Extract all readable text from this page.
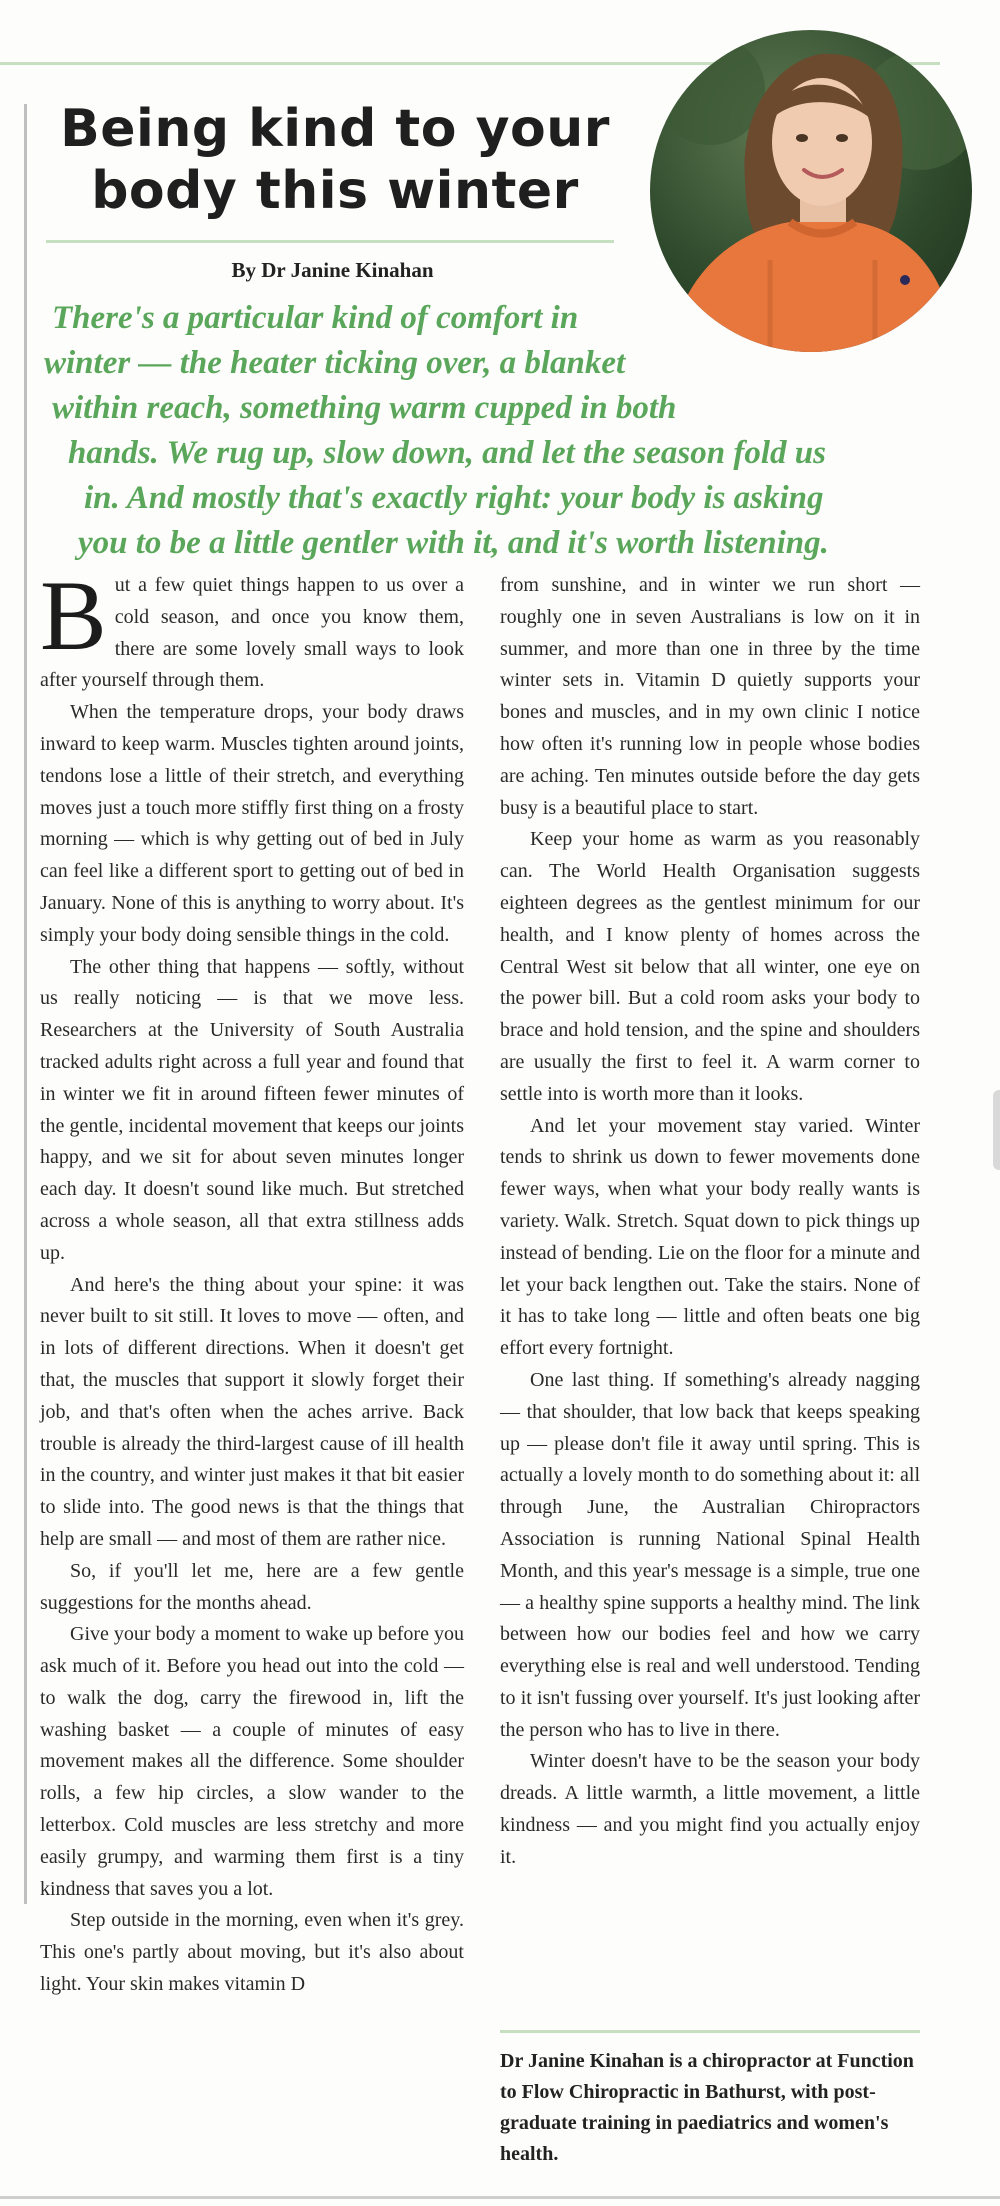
Being kind to your body this winter
By Dr Janine Kinahan
There's a particular kind of comfort in
winter — the heater ticking over, a blanket
within reach, something warm cupped in both
hands. We rug up, slow down, and let the season fold us
in. And mostly that's exactly right: your body is asking
you to be a little gentler with it, and it's worth listening.

But a few quiet things happen to us over a cold season, and once you know them, there are some lovely small ways to look after yourself through them.

When the temperature drops, your body draws inward to keep warm. Muscles tighten around joints, tendons lose a little of their stretch, and everything moves just a touch more stiffly first thing on a frosty morning — which is why getting out of bed in July can feel like a different sport to getting out of bed in January. None of this is anything to worry about. It's simply your body doing sensible things in the cold.

The other thing that happens — softly, without us really noticing — is that we move less. Researchers at the University of South Australia tracked adults right across a full year and found that in winter we fit in around fifteen fewer minutes of the gentle, incidental movement that keeps our joints happy, and we sit for about seven minutes longer each day. It doesn't sound like much. But stretched across a whole season, all that extra stillness adds up.

And here's the thing about your spine: it was never built to sit still. It loves to move — often, and in lots of different directions. When it doesn't get that, the muscles that support it slowly forget their job, and that's often when the aches arrive. Back trouble is already the third-largest cause of ill health in the country, and winter just makes it that bit easier to slide into. The good news is that the things that help are small — and most of them are rather nice.

So, if you'll let me, here are a few gentle suggestions for the months ahead.

Give your body a moment to wake up before you ask much of it. Before you head out into the cold — to walk the dog, carry the firewood in, lift the washing basket — a couple of minutes of easy movement makes all the difference. Some shoulder rolls, a few hip circles, a slow wander to the letterbox. Cold muscles are less stretchy and more easily grumpy, and warming them first is a tiny kindness that saves you a lot.

Step outside in the morning, even when it's grey. This one's partly about moving, but it's also about light. Your skin makes vitamin D

from sunshine, and in winter we run short — roughly one in seven Australians is low on it in summer, and more than one in three by the time winter sets in. Vitamin D quietly supports your bones and muscles, and in my own clinic I notice how often it's running low in people whose bodies are aching. Ten minutes outside before the day gets busy is a beautiful place to start.

Keep your home as warm as you reasonably can. The World Health Organisation suggests eighteen degrees as the gentlest minimum for our health, and I know plenty of homes across the Central West sit below that all winter, one eye on the power bill. But a cold room asks your body to brace and hold tension, and the spine and shoulders are usually the first to feel it. A warm corner to settle into is worth more than it looks.

And let your movement stay varied. Winter tends to shrink us down to fewer movements done fewer ways, when what your body really wants is variety. Walk. Stretch. Squat down to pick things up instead of bending. Lie on the floor for a minute and let your back lengthen out. Take the stairs. None of it has to take long — little and often beats one big effort every fortnight.

One last thing. If something's already nagging — that shoulder, that low back that keeps speaking up — please don't file it away until spring. This is actually a lovely month to do something about it: all through June, the Australian Chiropractors Association is running National Spinal Health Month, and this year's message is a simple, true one — a healthy spine supports a healthy mind. The link between how our bodies feel and how we carry everything else is real and well understood. Tending to it isn't fussing over yourself. It's just looking after the person who has to live in there.

Winter doesn't have to be the season your body dreads. A little warmth, a little movement, a little kindness — and you might find you actually enjoy it.

Dr Janine Kinahan is a chiropractor at Function to Flow Chiropractic in Bathurst, with post-graduate training in paediatrics and women's health.
